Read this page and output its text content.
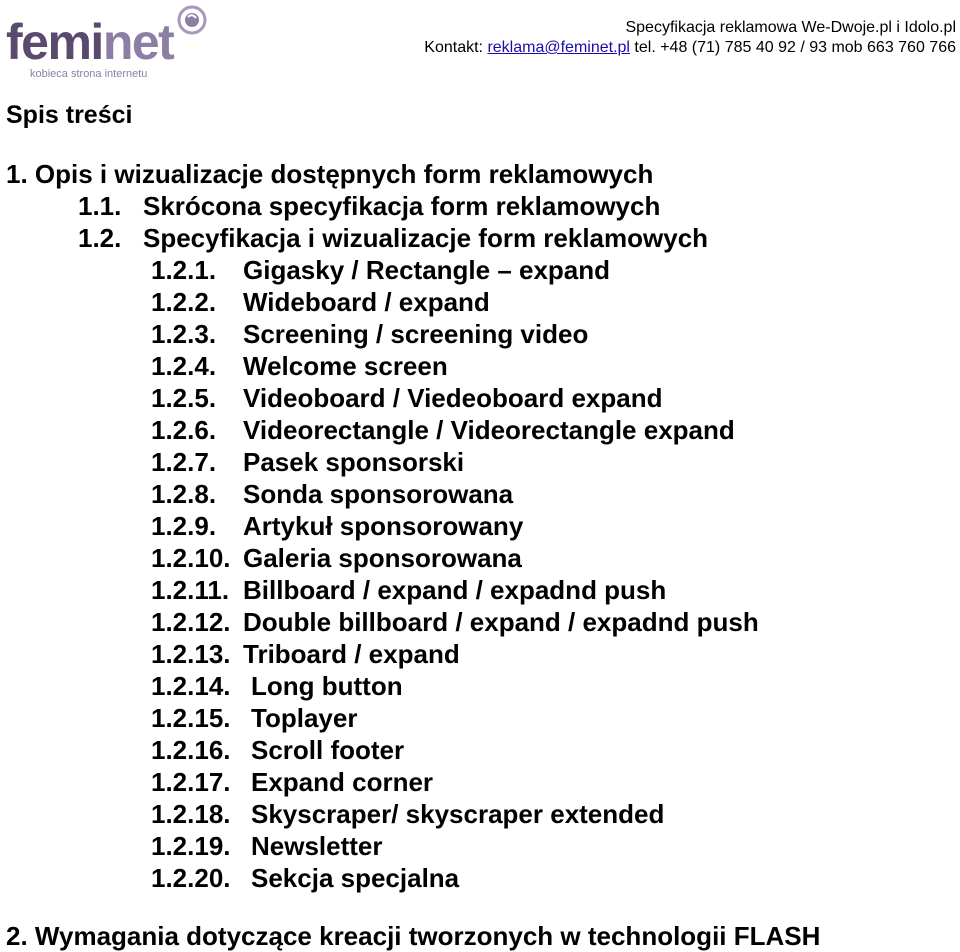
feminet
kobieca strona internetu
Specyfikacja reklamowa We-Dwoje.pl i Idolo.pl
Kontakt: reklama@feminet.pl tel. +48 (71) 785 40 92 / 93 mob 663 760 766
Spis treści
1. Opis i wizualizacje dostępnych form reklamowych
1.1. Skrócona specyfikacja form reklamowych
1.2. Specyfikacja i wizualizacje form reklamowych
1.2.1. Gigasky / Rectangle – expand
1.2.2. Wideboard / expand
1.2.3. Screening / screening video
1.2.4. Welcome screen
1.2.5. Videoboard / Viedeoboard expand
1.2.6. Videorectangle / Videorectangle expand
1.2.7. Pasek sponsorski
1.2.8. Sonda sponsorowana
1.2.9. Artykuł sponsorowany
1.2.10. Galeria sponsorowana
1.2.11. Billboard / expand / expadnd push
1.2.12. Double billboard / expand / expadnd push
1.2.13. Triboard / expand
1.2.14. Long button
1.2.15. Toplayer
1.2.16. Scroll footer
1.2.17. Expand corner
1.2.18. Skyscraper/ skyscraper extended
1.2.19. Newsletter
1.2.20. Sekcja specjalna
2. Wymagania dotyczące kreacji tworzonych w technologii FLASH
